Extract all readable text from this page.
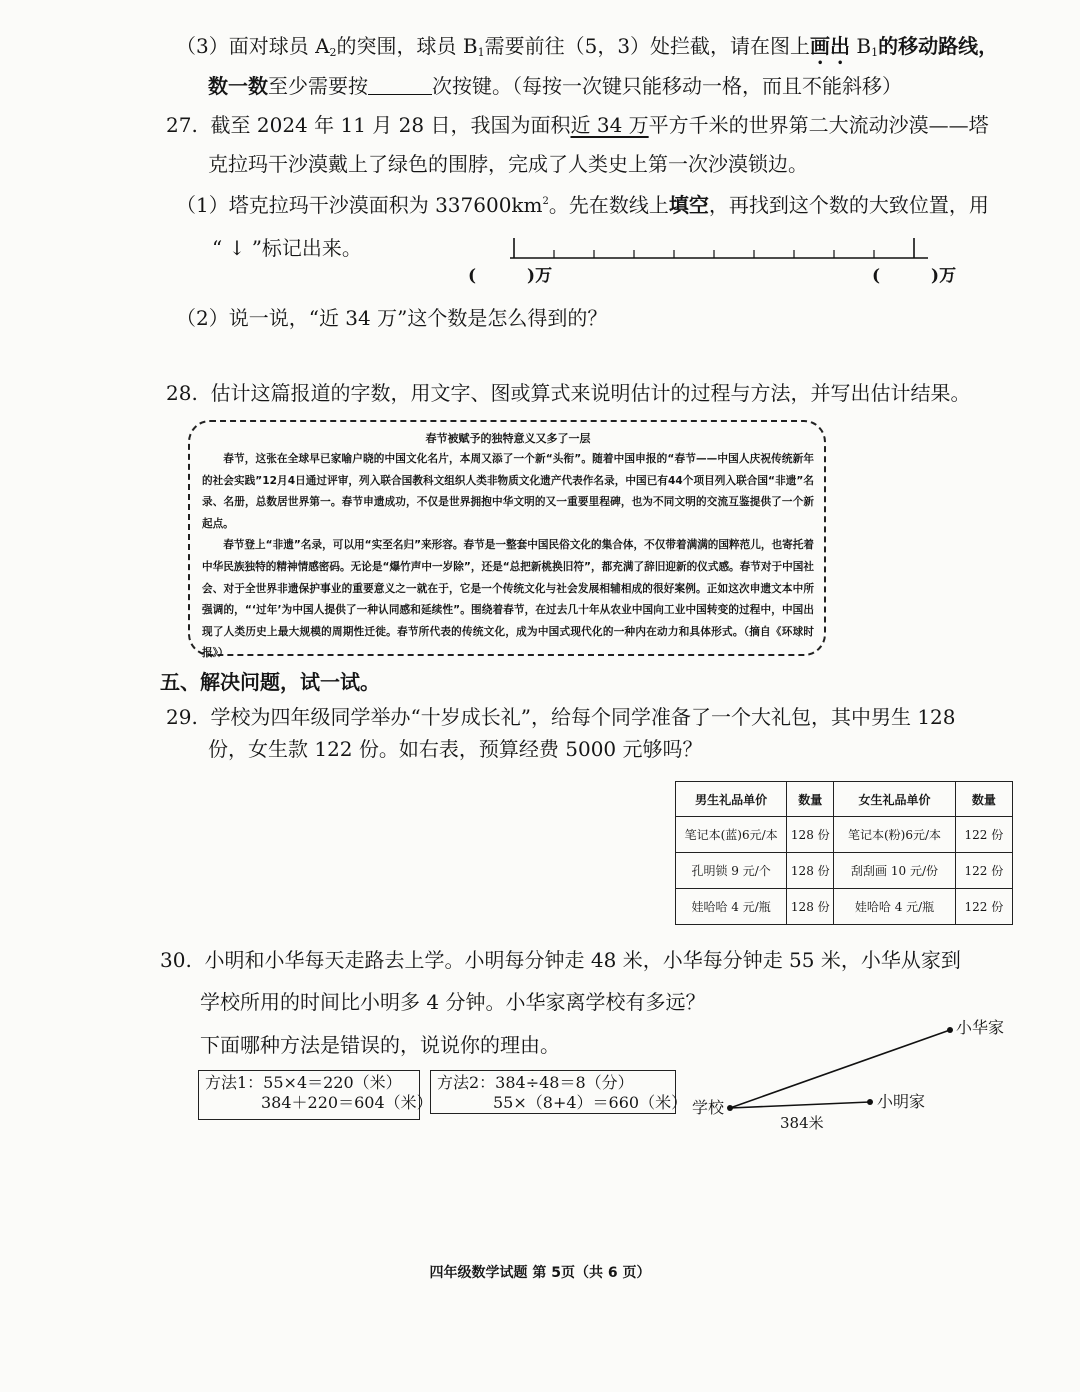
（3）面对球员 $A_2$的突围，球员 $B_1$需要前往（5，3）处拦截，请在图上画出 $B_1$的移动路线，
数一数至少需要按	次按键。（每按一次键只能移动一格，而且不能斜移）
27. 截至 2024 年 11 月 28 日，我国为面积近 34 万平方千米的世界第二大流动沙漠——塔
克拉玛干沙漠戴上了绿色的围脖，完成了人类史上第一次沙漠锁边。
（1）塔克拉玛干沙漠面积为 $337600km^2$。先在数线上填空，再找到这个数的大致位置，用
“ ↓ ”标记出来。
(　　　)万	(　　　)万
（2）说一说，“近 34 万”这个数是怎么得到的？
28. 估计这篇报道的字数，用文字、图或算式来说明估计的过程与方法，并写出估计结果。
春节被赋予的独特意义又多了一层

春节，这张在全球早已家喻户晓的中国文化名片，本周又添了一个新“头衔”。随着中国申报的“春节——中国人庆祝传统新年的社会实践”12月4日通过评审，列入联合国教科文组织人类非物质文化遗产代表作名录，中国已有44个项目列入联合国“非遗”名录、名册，总数居世界第一。春节申遗成功，不仅是世界拥抱中华文明的又一重要里程碑，也为不同文明的交流互鉴提供了一个新起点。

春节登上“非遗”名录，可以用“实至名归”来形容。春节是一整套中国民俗文化的集合体，不仅带着满满的国粹范儿，也寄托着中华民族独特的精神情感密码。无论是“爆竹声中一岁除”，还是“总把新桃换旧符”，都充满了辞旧迎新的仪式感。春节对于中国社会、对于全世界非遗保护事业的重要意义之一就在于，它是一个传统文化与社会发展相辅相成的很好案例。正如这次申遗文本中所强调的，“‘过年’为中国人提供了一种认同感和延续性”。围绕着春节，在过去几十年从农业中国向工业中国转变的过程中，中国出现了人类历史上最大规模的周期性迁徙。春节所代表的传统文化，成为中国式现代化的一种内在动力和具体形式。（摘自《环球时报》）

五、解决问题，试一试。
29. 学校为四年级同学举办“十岁成长礼”，给每个同学准备了一个大礼包，其中男生 128
份，女生款 122 份。如右表，预算经费 5000 元够吗？
男生礼品单价	数量	女生礼品单价	数量
笔记本(蓝)6元/本	128 份	笔记本(粉)6元/本	122 份
孔明锁 9 元/个	128 份	刮刮画 10 元/份	122 份
娃哈哈 4 元/瓶	128 份	娃哈哈 4 元/瓶	122 份
30. 小明和小华每天走路去上学。小明每分钟走 48 米，小华每分钟走 55 米，小华从家到
学校所用的时间比小明多 4 分钟。小华家离学校有多远？
下面哪种方法是错误的，说说你的理由。
方法1：55×4＝220（米）
384＋220＝604（米）
方法2：384÷48＝8（分）
55×（8+4）＝660（米） 学校
小华家
小明家
384米
四年级数学试题 第 5页（共 6 页）
